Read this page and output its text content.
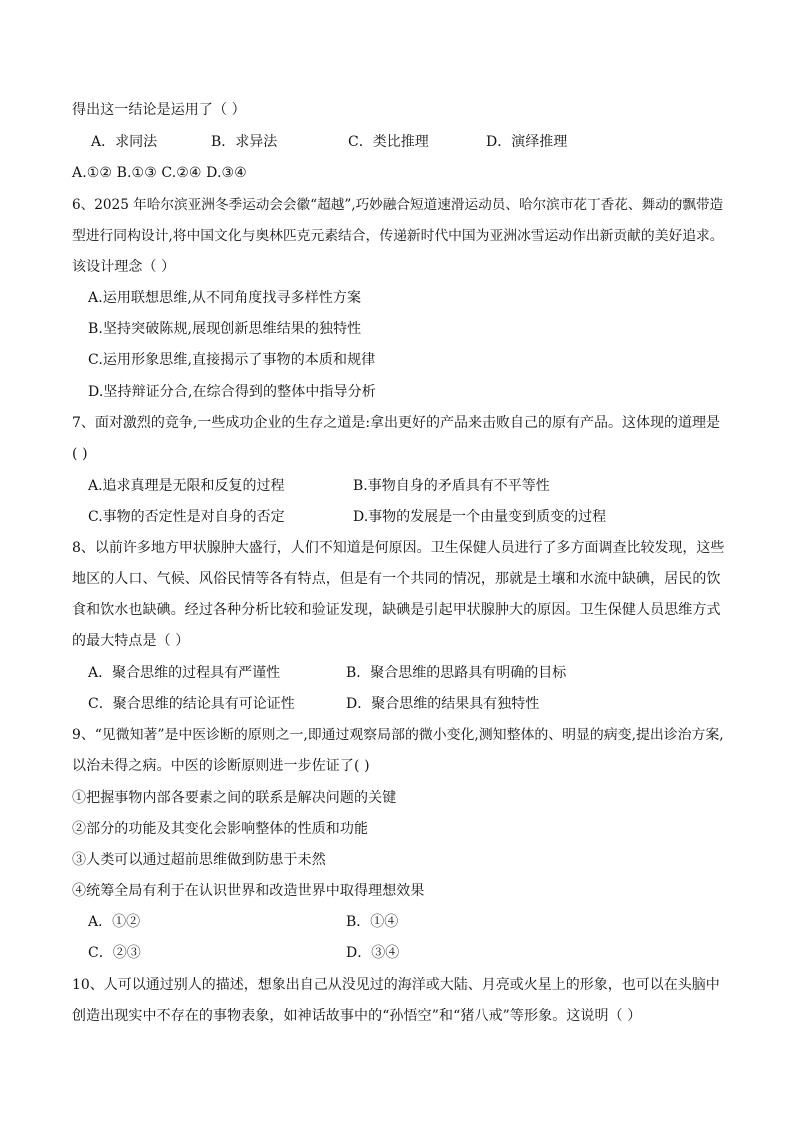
得出这一结论是运用了（ ）
A．求同法	B．求异法	C．类比推理	D．演绎推理
A.①② B.①③ C.②④ D.③④
6、2025 年哈尔滨亚洲冬季运动会会徽“超越”,巧妙融合短道速滑运动员、哈尔滨市花丁香花、舞动的飘带造
型进行同构设计,将中国文化与奥林匹克元素结合，传递新时代中国为亚洲冰雪运动作出新贡献的美好追求。
该设计理念（ ）
A.运用联想思维,从不同角度找寻多样性方案
B.坚持突破陈规,展现创新思维结果的独特性
C.运用形象思维,直接揭示了事物的本质和规律
D.坚持辩证分合,在综合得到的整体中指导分析
7、面对激烈的竞争,一些成功企业的生存之道是:拿出更好的产品来击败自己的原有产品。这体现的道理是
( )
A.追求真理是无限和反复的过程	B.事物自身的矛盾具有不平等性
C.事物的否定性是对自身的否定	D.事物的发展是一个由量变到质变的过程
8、以前许多地方甲状腺肿大盛行，人们不知道是何原因。卫生保健人员进行了多方面调查比较发现，这些
地区的人口、气候、风俗民情等各有特点，但是有一个共同的情况，那就是土壤和水流中缺碘，居民的饮
食和饮水也缺碘。经过各种分析比较和验证发现，缺碘是引起甲状腺肿大的原因。卫生保健人员思维方式
的最大特点是（ ）
A．聚合思维的过程具有严谨性	B．聚合思维的思路具有明确的目标
C．聚合思维的结论具有可论证性	D．聚合思维的结果具有独特性
9、“见微知著”是中医诊断的原则之一,即通过观察局部的微小变化,测知整体的、明显的病变,提出诊治方案,
以治未得之病。中医的诊断原则进一步佐证了( )
①把握事物内部各要素之间的联系是解决问题的关键
②部分的功能及其变化会影响整体的性质和功能
③人类可以通过超前思维做到防患于未然
④统筹全局有利于在认识世界和改造世界中取得理想效果
A．①②	B．①④
C．②③	D．③④
10、人可以通过别人的描述，想象出自己从没见过的海洋或大陆、月亮或火星上的形象，也可以在头脑中
创造出现实中不存在的事物表象，如神话故事中的“孙悟空”和“猪八戒”等形象。这说明（ ）
